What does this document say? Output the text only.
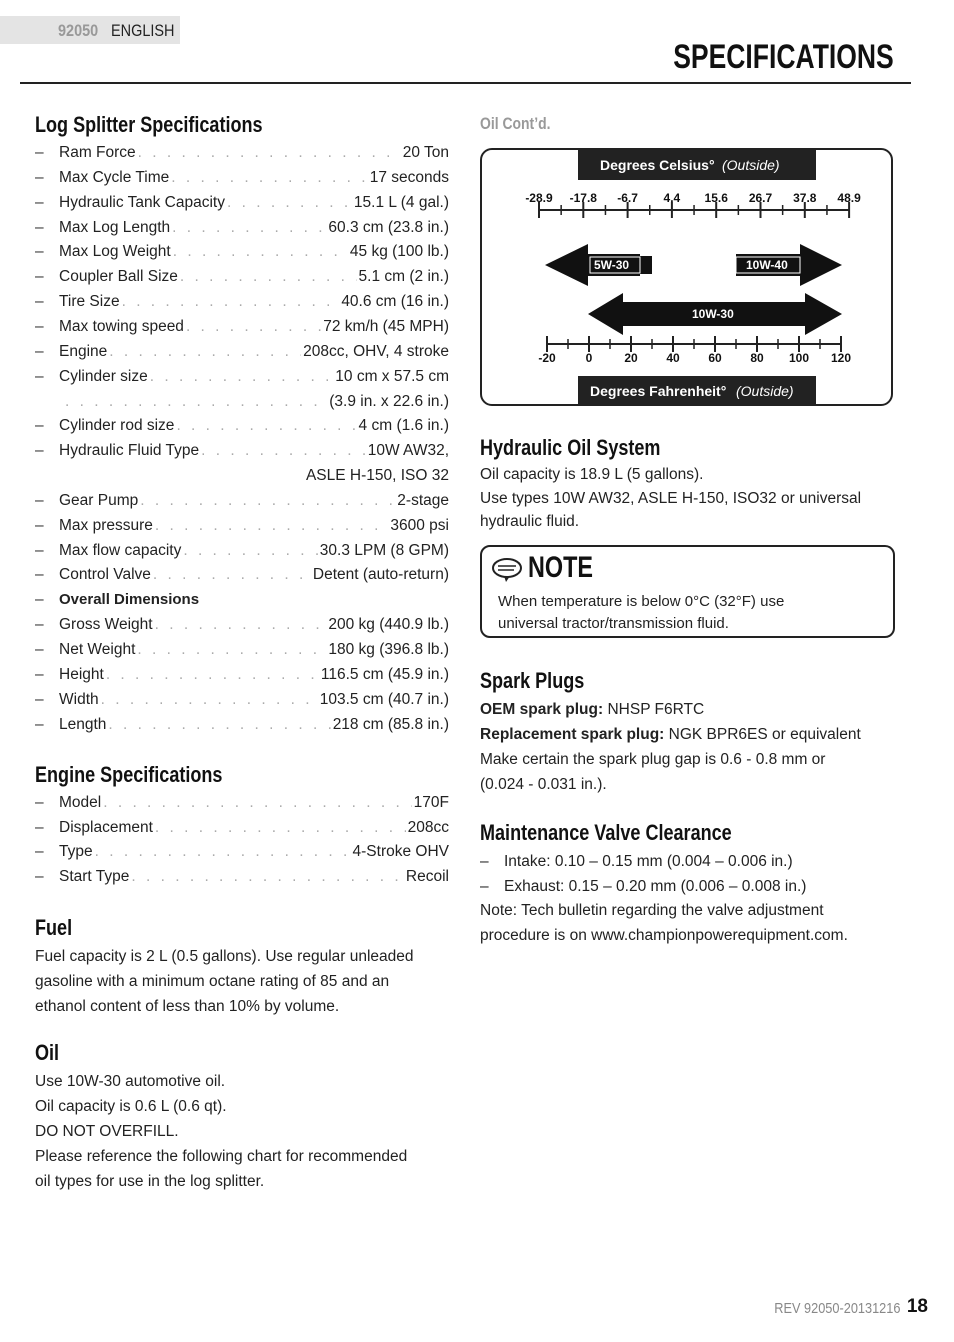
92050 ENGLISH
SPECIFICATIONS
Log Splitter Specifications
– Ram Force . . .	20 Ton
– Max Cycle Time . . .	17 seconds
– Hydraulic Tank Capacity . . .	15.1 L (4 gal.)
– Max Log Length . . .	60.3 cm (23.8 in.)
– Max Log Weight . . .	45 kg (100 lb.)
– Coupler Ball Size . . .	5.1 cm (2 in.)
– Tire Size . . .	40.6 cm (16 in.)
– Max towing speed . . .	72 km/h (45 MPH)
– Engine . . .	208cc, OHV, 4 stroke
– Cylinder size . . .	10 cm x 57.5 cm
. . .
(3.9 in. x 22.6 in.)
– Cylinder rod size . . .	4 cm (1.6 in.)
– Hydraulic Fluid Type . . .	10W AW32,
ASLE H-150, ISO 32
– Gear Pump . . .	2-stage
– Max pressure . . .	3600 psi
– Max flow capacity . . .	30.3 LPM (8 GPM)
– Control Valve . . .	Detent (auto-return)
–	Overall Dimensions
– Gross Weight . . .	200 kg (440.9 lb.)
– Net Weight . . .	180 kg (396.8 lb.)
– Height . . .	116.5 cm (45.9 in.)
– Width . . .	103.5 cm (40.7 in.)
– Length . . .	218 cm (85.8 in.)
Engine Specifications
– Model . . .	170F
– Displacement . . .	208cc
– Type . . .	4-Stroke OHV
– Start Type . . .	Recoil
Fuel
Fuel capacity is 2 L (0.5 gallons). Use regular unleaded
gasoline with a minimum octane rating of 85 and an
ethanol content of less than 10% by volume.
Oil
Use 10W-30 automotive oil.
Oil capacity is 0.6 L (0.6 qt).
DO NOT OVERFILL.
Please reference the following chart for recommended
oil types for use in the log splitter.
Oil Cont’d.
Degrees Celsius° (Outside)
-28.9 -17.8 -6.7 4.4 15.6 26.7 37.8 48.9
5W-30	10W-40
10W-30
-20 0	20 40 60 80 100 120
Degrees Fahrenheit° (Outside)
Hydraulic Oil System
Oil capacity is 18.9 L (5 gallons).
Use types 10W AW32, ASLE H-150, ISO32 or universal
hydraulic fluid.
NOTE
When temperature is below 0°C (32°F) use
universal tractor/transmission fluid.
Spark Plugs
OEM spark plug: NHSP F6RTC
Replacement spark plug: NGK BPR6ES or equivalent
Make certain the spark plug gap is 0.6 - 0.8 mm or
(0.024 - 0.031 in.).
Maintenance Valve Clearance
– Intake: 0.10 – 0.15 mm (0.004 – 0.006 in.)
– Exhaust: 0.15 – 0.20 mm (0.006 – 0.008 in.)
Note: Tech bulletin regarding the valve adjustment
procedure is on www.championpowerequipment.com.
REV 92050-20131216 18
